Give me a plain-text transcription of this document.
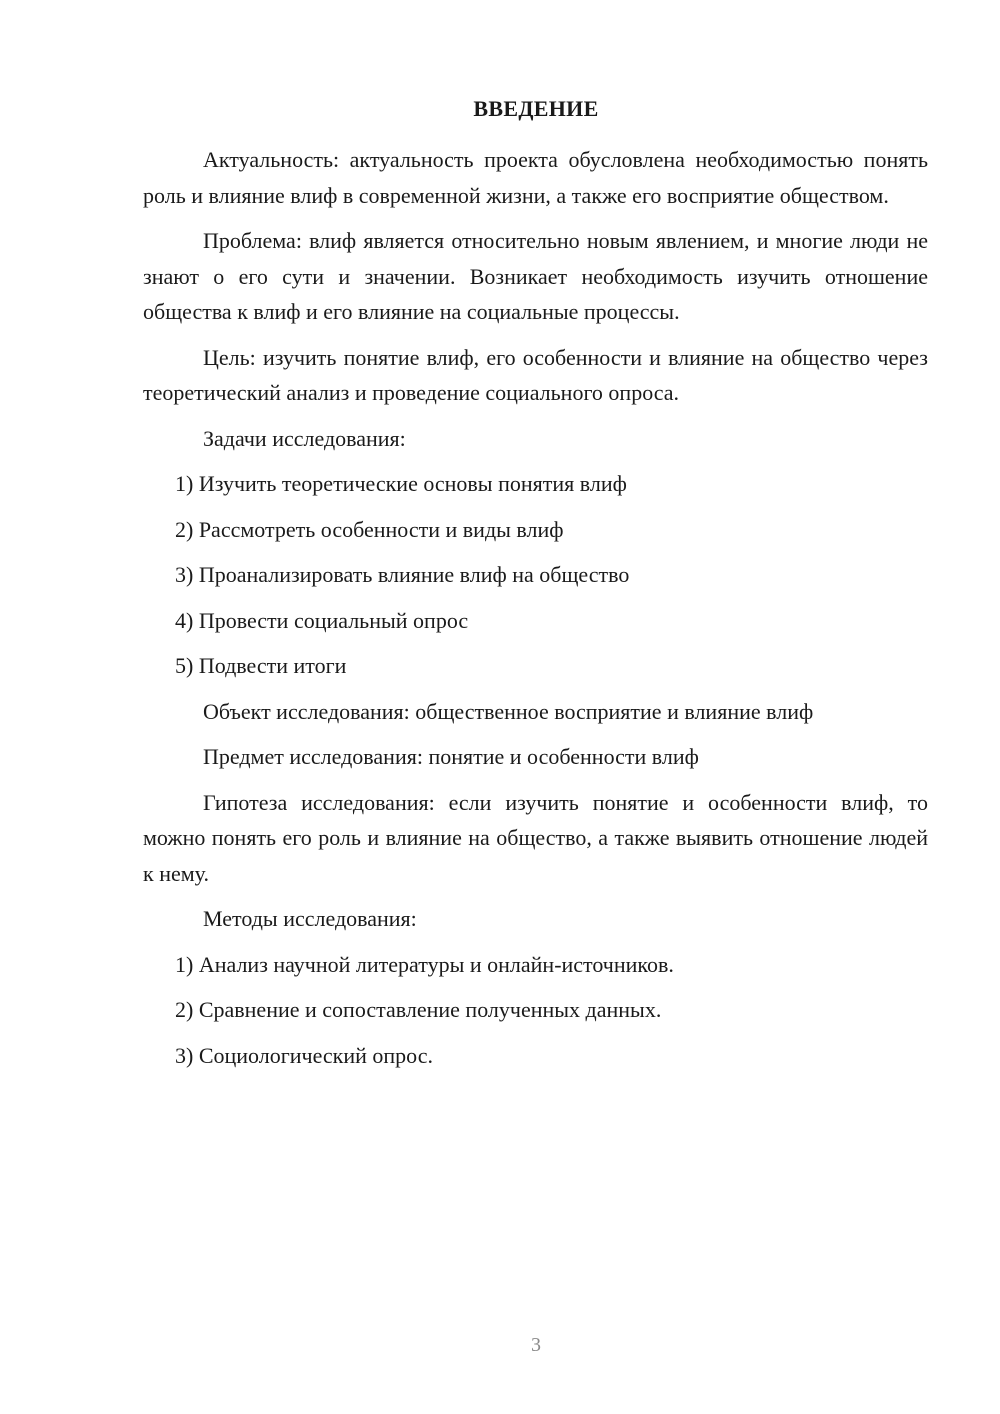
ВВЕДЕНИЕ

Актуальность: актуальность проекта обусловлена необходимостью понять роль и влияние влиф в современной жизни, а также его восприятие обществом.

Проблема: влиф является относительно новым явлением, и многие люди не знают о его сути и значении. Возникает необходимость изучить отношение общества к влиф и его влияние на социальные процессы.

Цель: изучить понятие влиф, его особенности и влияние на общество через теоретический анализ и проведение социального опроса.

Задачи исследования:

1) Изучить теоретические основы понятия влиф

2) Рассмотреть особенности и виды влиф

3) Проанализировать влияние влиф на общество

4) Провести социальный опрос

5) Подвести итоги

Объект исследования: общественное восприятие и влияние влиф

Предмет исследования: понятие и особенности влиф

Гипотеза исследования: если изучить понятие и особенности влиф, то можно понять его роль и влияние на общество, а также выявить отношение людей к нему.

Методы исследования:

1) Анализ научной литературы и онлайн-источников.

2) Сравнение и сопоставление полученных данных.

3) Социологический опрос.

3
